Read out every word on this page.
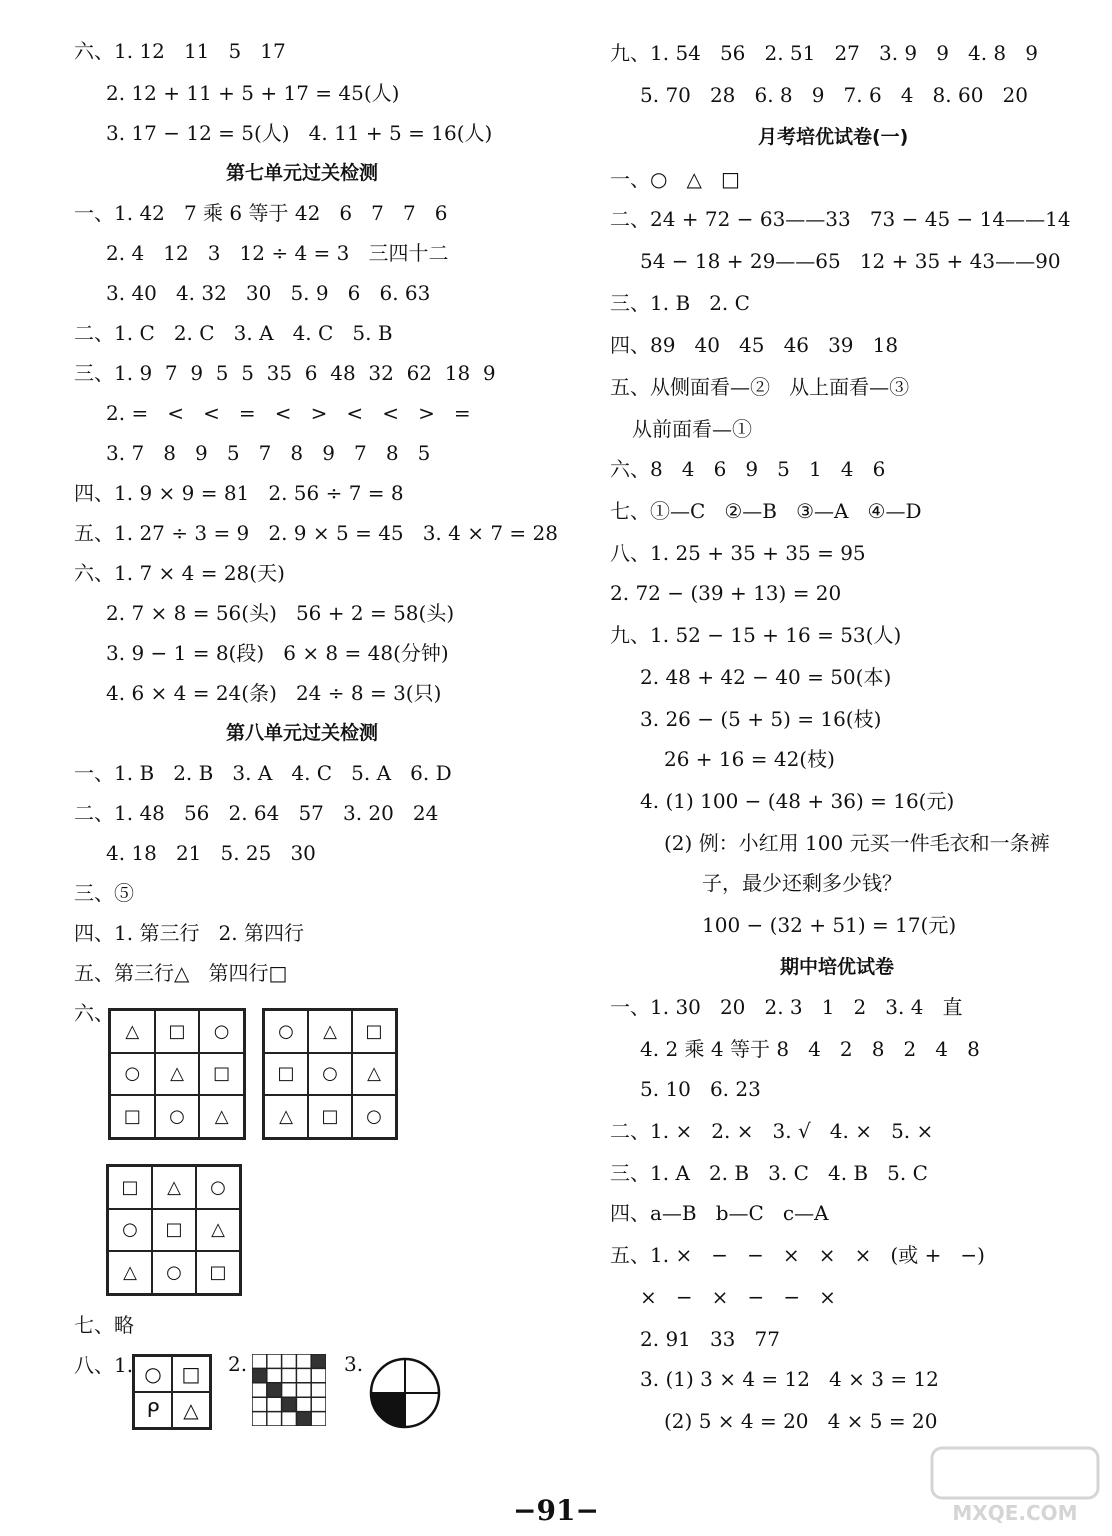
六、1. 12   11   5   17
2. 12 + 11 + 5 + 17 = 45(人)
3. 17 − 12 = 5(人)   4. 11 + 5 = 16(人)
第七单元过关检测
一、1. 42   7 乘 6 等于 42   6   7   7   6
2. 4   12   3   12 ÷ 4 = 3   三四十二
3. 40   4. 32   30   5. 9   6   6. 63
二、1. C   2. C   3. A   4. C   5. B
三、1. 9  7  9  5  5  35  6  48  32  62  18  9
2. =   <   <   =   <   >   <   <   >   =
3. 7   8   9   5   7   8   9   7   8   5
四、1. 9 × 9 = 81   2. 56 ÷ 7 = 8
五、1. 27 ÷ 3 = 9   2. 9 × 5 = 45   3. 4 × 7 = 28
六、1. 7 × 4 = 28(天)
2. 7 × 8 = 56(头)   56 + 2 = 58(头)
3. 9 − 1 = 8(段)   6 × 8 = 48(分钟)
4. 6 × 4 = 24(条)   24 ÷ 8 = 3(只)
第八单元过关检测
一、1. B   2. B   3. A   4. C   5. A   6. D
二、1. 48   56   2. 64   57   3. 20   24
4. 18   21   5. 25   30
三、⑤
四、1. 第三行   2. 第四行
五、第三行△   第四行□
六、
七、略
八、1.
九、1. 54   56   2. 51   27   3. 9   9   4. 8   9
5. 70   28   6. 8   9   7. 6   4   8. 60   20
月考培优试卷(一)
一、○   △   □
二、24 + 72 − 63——33   73 − 45 − 14——14
54 − 18 + 29——65   12 + 35 + 43——90
三、1. B   2. C
四、89   40   45   46   39   18
五、从侧面看—②   从上面看—③
从前面看—①
六、8   4   6   9   5   1   4   6
七、①—C   ②—B   ③—A   ④—D
八、1. 25 + 35 + 35 = 95
2. 72 − (39 + 13) = 20
九、1. 52 − 15 + 16 = 53(人)
2. 48 + 42 − 40 = 50(本)
3. 26 − (5 + 5) = 16(枝)
26 + 16 = 42(枝)
4. (1) 100 − (48 + 36) = 16(元)
(2) 例：小红用 100 元买一件毛衣和一条裤
子，最少还剩多少钱？
100 − (32 + 51) = 17(元)
期中培优试卷
一、1. 30   20   2. 3   1   2   3. 4   直
4. 2 乘 4 等于 8   4   2   8   2   4   8
5. 10   6. 23
二、1. ×   2. ×   3. √   4. ×   5. ×
三、1. A   2. B   3. C   4. B   5. C
四、a—B   b—C   c—A
五、1. ×   −   −   ×   ×   ×   (或 +   −)
×   −   ×   −   −   ×
2. 91   33   77
3. (1) 3 × 4 = 12   4 × 3 = 12
(2) 5 × 4 = 20   4 × 5 = 20
△	□	○
○	△	□
□	○	△
○	△	□
□	○	△
△	□	○
□	△	○
○	□	△
△	○	□
○ □
ᑭ	△
2.	3.
−91−	MXQE.COM
